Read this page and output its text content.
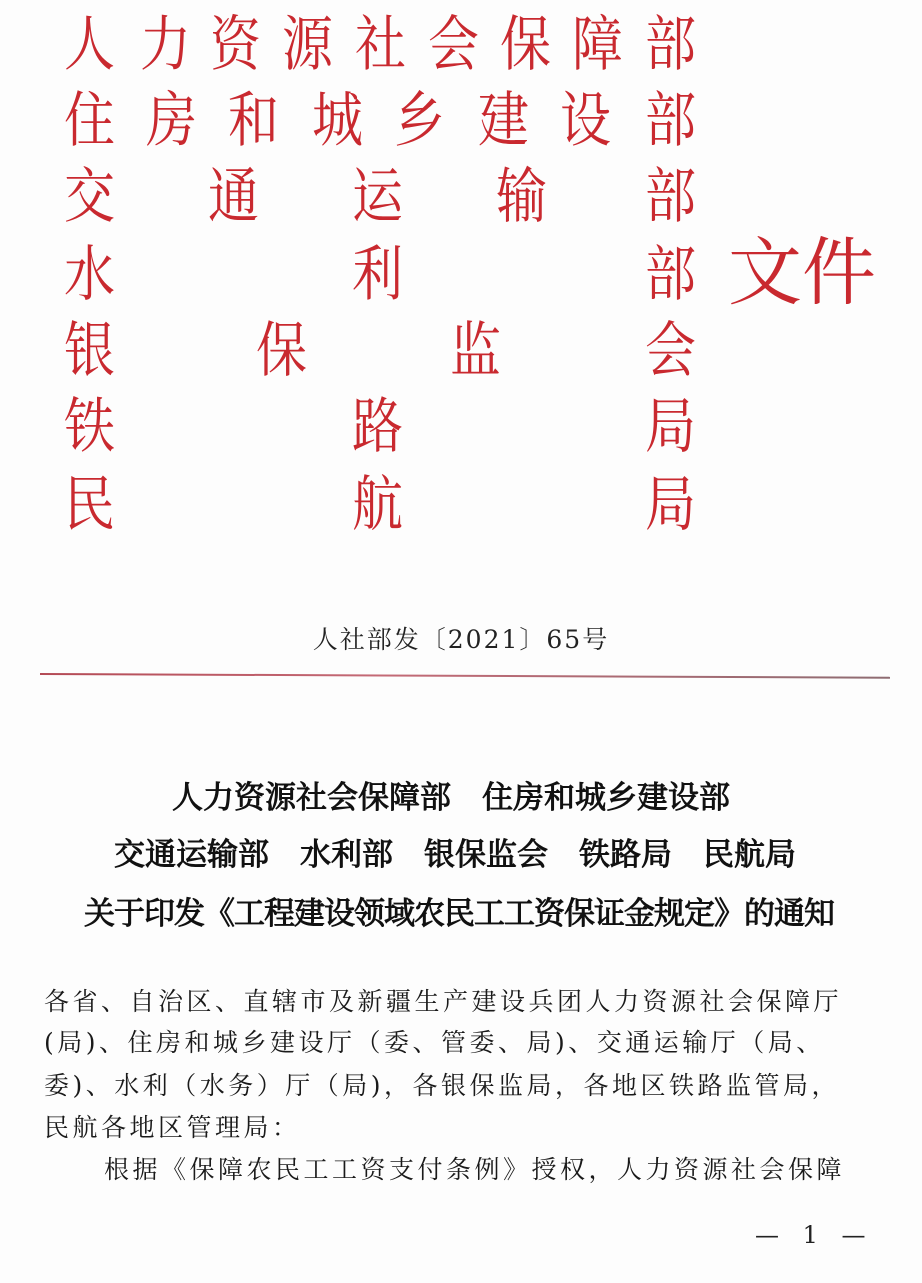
人 力 资 源 社 会 保 障 部
住 房 和 城 乡 建 设 部
交 通 运 输 部
水	利	部
银 保 监 会
铁	路	局
民	航	局
文件
人社部发〔2021〕65号
人力资源社会保障部　住房和城乡建设部
交通运输部　水利部　银保监会　铁路局　民航局
关于印发《工程建设领域农民工工资保证金规定》的通知
各省、自治区、直辖市及新疆生产建设兵团人力资源社会保障厅
(局)、住房和城乡建设厅（委、管委、局)、交通运输厅（局、
委)、水利（水务）厅（局)，各银保监局，各地区铁路监管局，
民航各地区管理局：
根据《保障农民工工资支付条例》授权，人力资源社会保障
— 1 —
